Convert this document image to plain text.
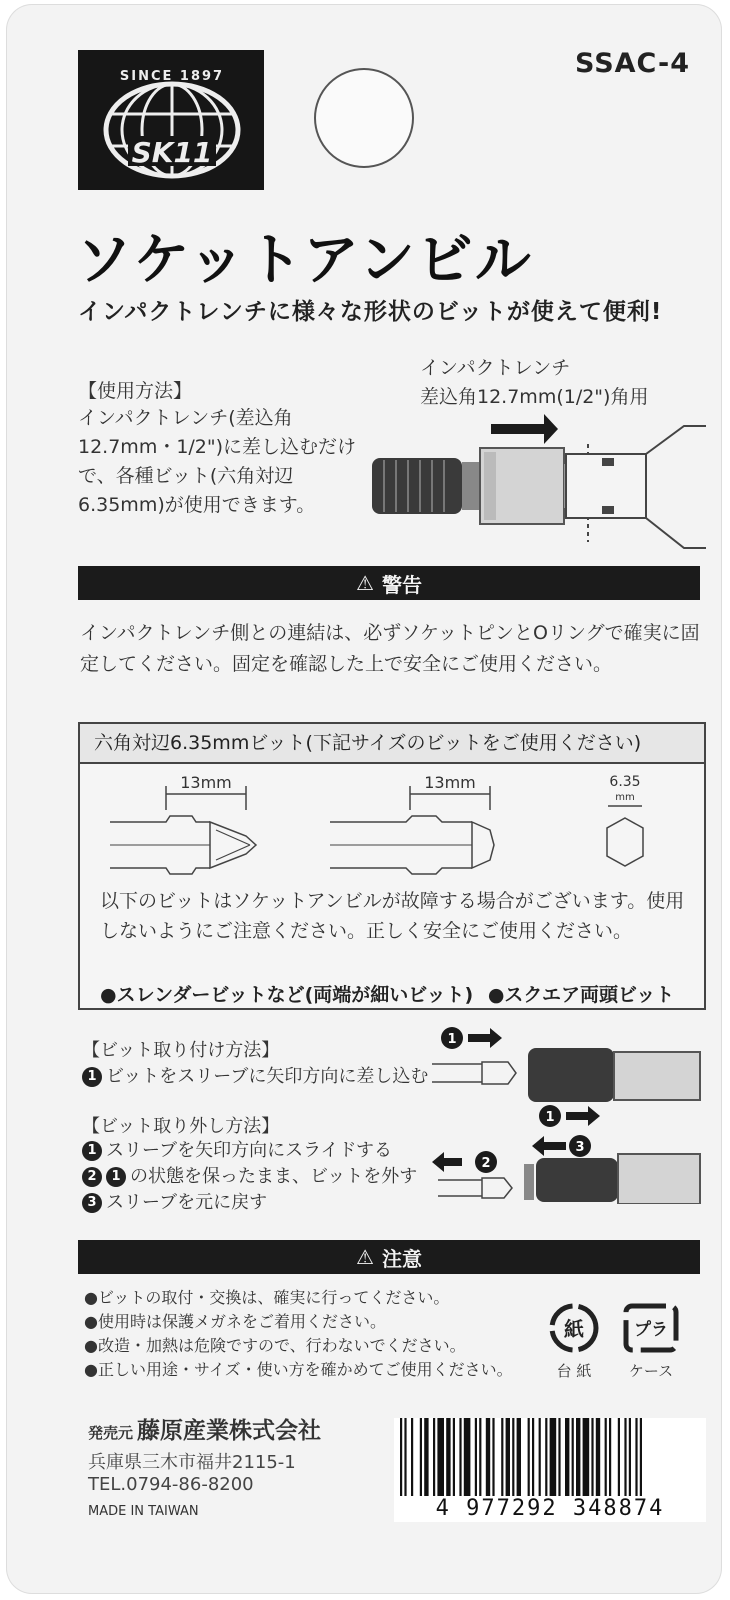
SINCE 1897
SK11
SSAC-4
ソケットアンビル
インパクトレンチに様々な形状のビットが使えて便利!
【使用方法】
インパクトレンチ(差込角12.7mm・1/2")に差し込むだけで、各種ビット(六角対辺6.35mm)が使用できます。
インパクトレンチ
差込角12.7mm(1/2")角用
⚠ 警告
インパクトレンチ側との連結は、必ずソケットピンとOリングで確実に固定してください。固定を確認した上で安全にご使用ください。
六角対辺6.35mmビット(下記サイズのビットをご使用ください)
13mm	13mm	6.35
mm
以下のビットはソケットアンビルが故障する場合がございます。使用しないようにご注意ください。正しく安全にご使用ください。
●スレンダービットなど(両端が細いビット) ●スクエア両頭ビット
【ビット取り付け方法】
1 ビットをスリーブに矢印方向に差し込む
【ビット取り外し方法】
1 スリーブを矢印方向にスライドする
2 1 の状態を保ったまま、ビットを外す
3 スリーブを元に戻す
1
1
3
2
⚠ 注意
●ビットの取付・交換は、確実に行ってください。
●使用時は保護メガネをご着用ください。
●改造・加熱は危険ですので、行わないでください。
●正しい用途・サイズ・使い方を確かめてご使用ください。
紙
台 紙
プラ
ケース
発売元 藤原産業株式会社
兵庫県三木市福井2115-1
TEL.0794-86-8200
MADE IN TAIWAN	4 977292 348874
